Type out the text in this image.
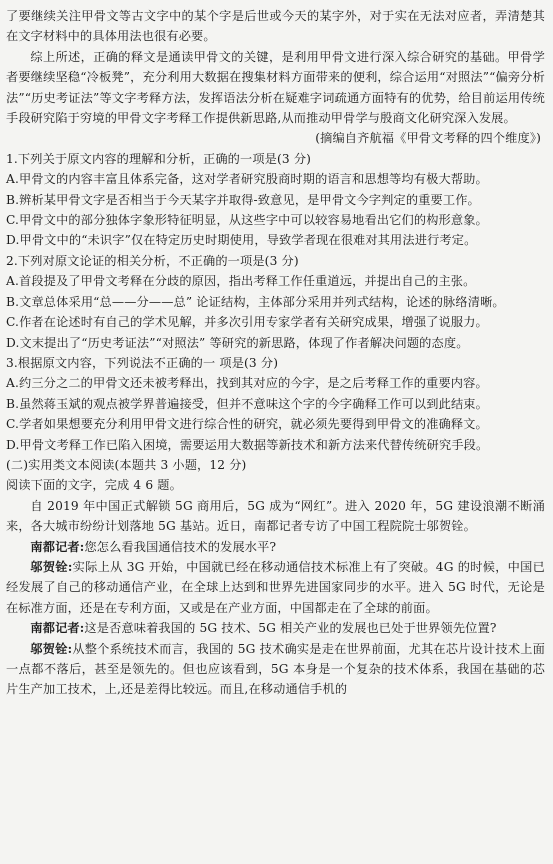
了要继续关注甲骨文等古文字中的某个字是后世或今天的某字外，对于实在无法对应者，弄清楚其在文字材料中的具体用法也很有必要。

综上所述，正确的释文是通读甲骨文的关键，是利用甲骨文进行深入综合研究的基础。甲骨学者要继续坚稳“冷板凳”，充分利用大数据在搜集材料方面带来的便利，综合运用“对照法”“偏旁分析法”“历史考证法”等文字考释方法，发挥语法分析在疑难字词疏通方面特有的优势，给目前运用传统手段研究陷于穷境的甲骨文字考释工作提供新思路,从而推动甲骨学与殷商文化研究深入发展。

(摘编自齐航福《甲骨文考释的四个维度》)

1.下列关于原文内容的理解和分析，正确的一项是(3 分)

A.甲骨文的内容丰富且体系完备，这对学者研究殷商时期的语言和思想等均有极大帮助。

B.辨析某甲骨文字是否相当于今天某字并取得-致意见，是甲骨文今字判定的重要工作。

C.甲骨文中的部分独体字象形特征明显，从这些字中可以较容易地看出它们的构形意象。

D.甲骨文中的“未识字”仅在特定历史时期使用，导致学者现在很难对其用法进行考定。

2.下列对原文论证的相关分析，不正确的一项是(3 分)

A.首段提及了甲骨文考释在分歧的原因，指出考释工作任重道远，并提出自己的主张。

B.文章总体采用“总——分——总” 论证结构，主体部分采用并列式结构，论述的脉络清晰。

C.作者在论述时有自己的学术见解，并多次引用专家学者有关研究成果，增强了说服力。

D.文末提出了“历史考证法”“对照法” 等研究的新思路，体现了作者解决问题的态度。

3.根据原文内容，下列说法不正确的一 项是(3 分)

A.约三分之二的甲骨文还未被考释出，找到其对应的今字，是之后考释工作的重要内容。

B.虽然蒋玉斌的观点被学界普遍接受，但并不意味这个字的今字确释工作可以到此结束。

C.学者如果想要充分利用甲骨文进行综合性的研究，就必须先要得到甲骨文的准确释文。

D.甲骨文考释工作已陷入困境，需要运用大数据等新技术和新方法来代替传统研究手段。

(二)实用类文本阅读(本题共 3 小题，12 分)

阅读下面的文字，完成 4 6 题。

自 2019 年中国正式解锁 5G 商用后，5G 成为“网红”。进入 2020 年，5G 建设浪潮不断涌来，各大城市纷纷计划落地 5G 基站。近日，南都记者专访了中国工程院院士邬贺铨。

南都记者:您怎么看我国通信技术的发展水平?

邬贺铨:实际上从 3G 开始，中国就已经在移动通信技术标准上有了突破。4G 的时候，中国已经发展了自己的移动通信产业，在全球上达到和世界先进国家同步的水平。进入 5G 时代，无论是在标准方面，还是在专利方面，又或是在产业方面，中国都走在了全球的前面。

南都记者:这是否意味着我国的 5G 技术、5G 相关产业的发展也已处于世界领先位置?

邬贺铨:从整个系统技术而言，我国的 5G 技术确实是走在世界前面，尤其在芯片设计技术上面一点都不落后，甚至是领先的。但也应该看到，5G 本身是一个复杂的技术体系，我国在基础的芯片生产加工技术，上,还是差得比较远。而且,在移动通信手机的
